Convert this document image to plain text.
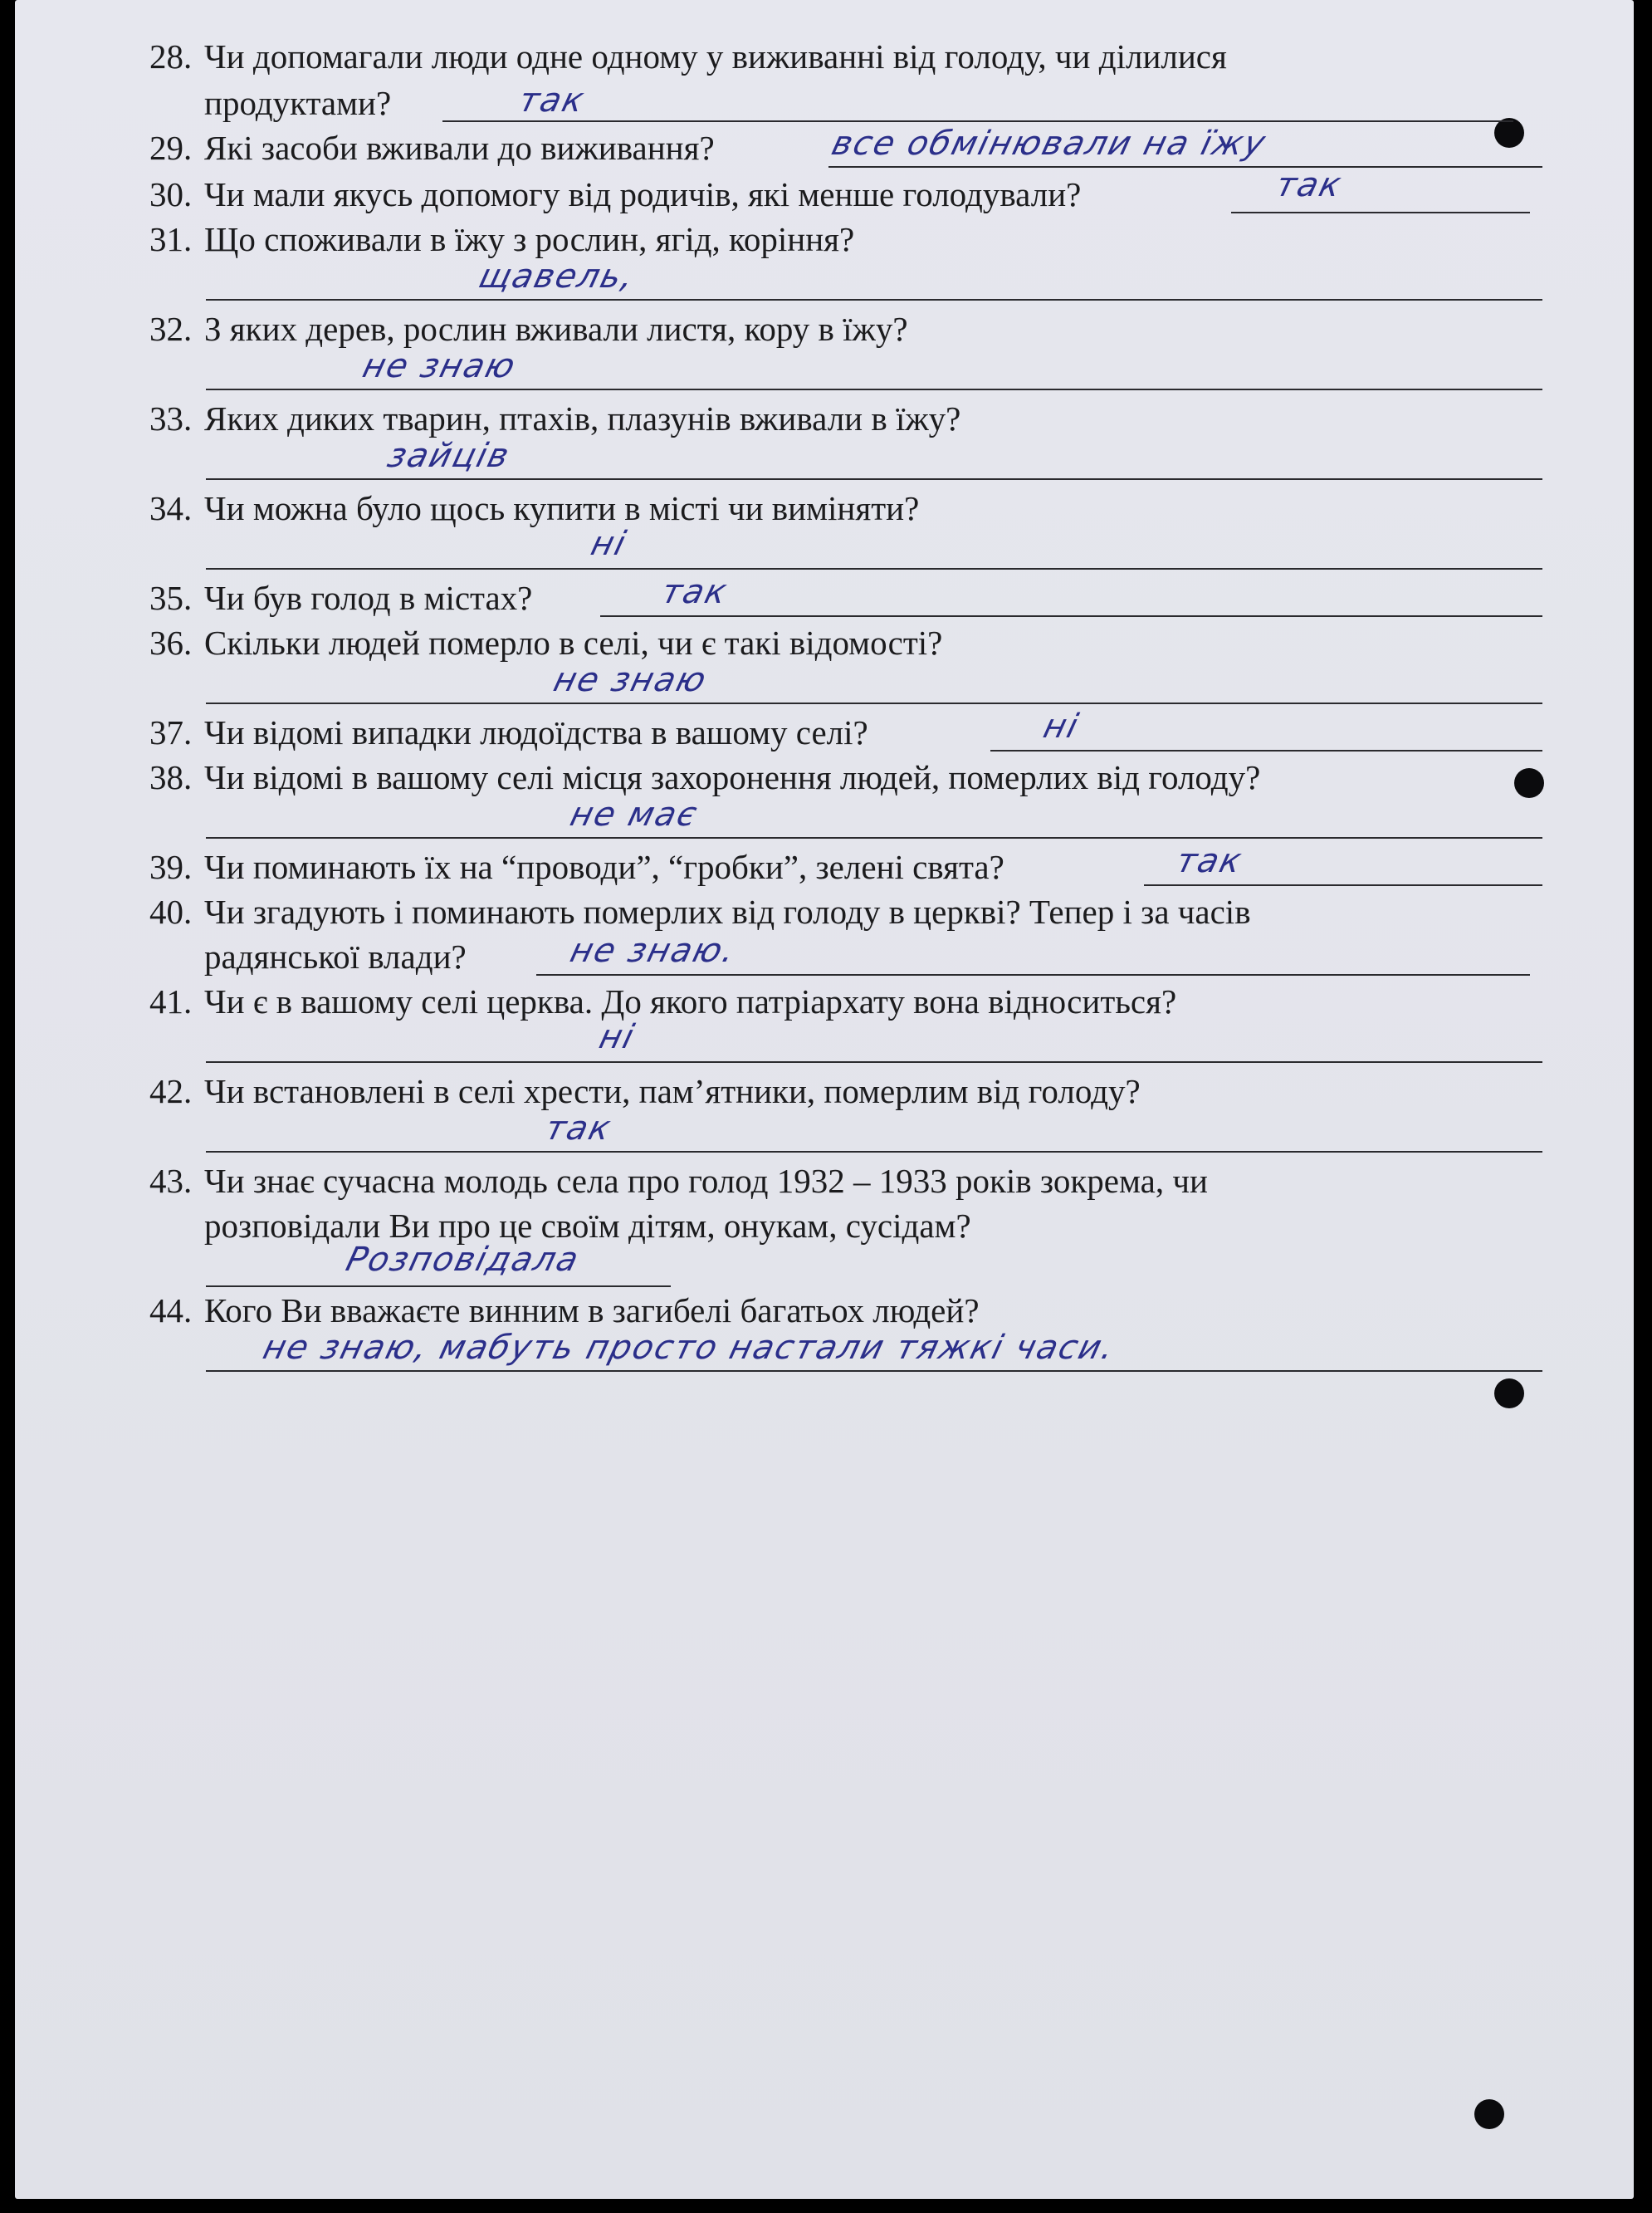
28. Чи допомагали люди одне одному у виживанні від голоду, чи ділилися
продуктами?	так
29. Які засоби вживали до виживання?	все обмінювали на їжу
30. Чи мали якусь допомогу від родичів, які менше голодували?	так
31. Що споживали в їжу з рослин, ягід, коріння?
щавель,
32. З яких дерев, рослин вживали листя, кору в їжу?
не знаю
33. Яких диких тварин, птахів, плазунів вживали в їжу?
зайців
34. Чи можна було щось купити в місті чи виміняти?
ні
35. Чи був голод в містах?	так
36. Скільки людей померло в селі, чи є такі відомості?
не знаю
37. Чи відомі випадки людоїдства в вашому селі?	ні
38. Чи відомі в вашому селі місця захоронення людей, померлих від голоду?
не має
39. Чи поминають їх на “проводи”, “гробки”, зелені свята?	так
40. Чи згадують і поминають померлих від голоду в церкві? Тепер і за часів
радянської влади?	не знаю.
41. Чи є в вашому селі церква. До якого патріархату вона відноситься?
ні
42. Чи встановлені в селі хрести, пам’ятники, померлим від голоду?
так
43. Чи знає сучасна молодь села про голод 1932 – 1933 років зокрема, чи
розповідали Ви про це своїм дітям, онукам, сусідам?
Розповідала
44. Кого Ви вважаєте винним в загибелі багатьох людей?
не знаю, мабуть просто настали тяжкі часи.
